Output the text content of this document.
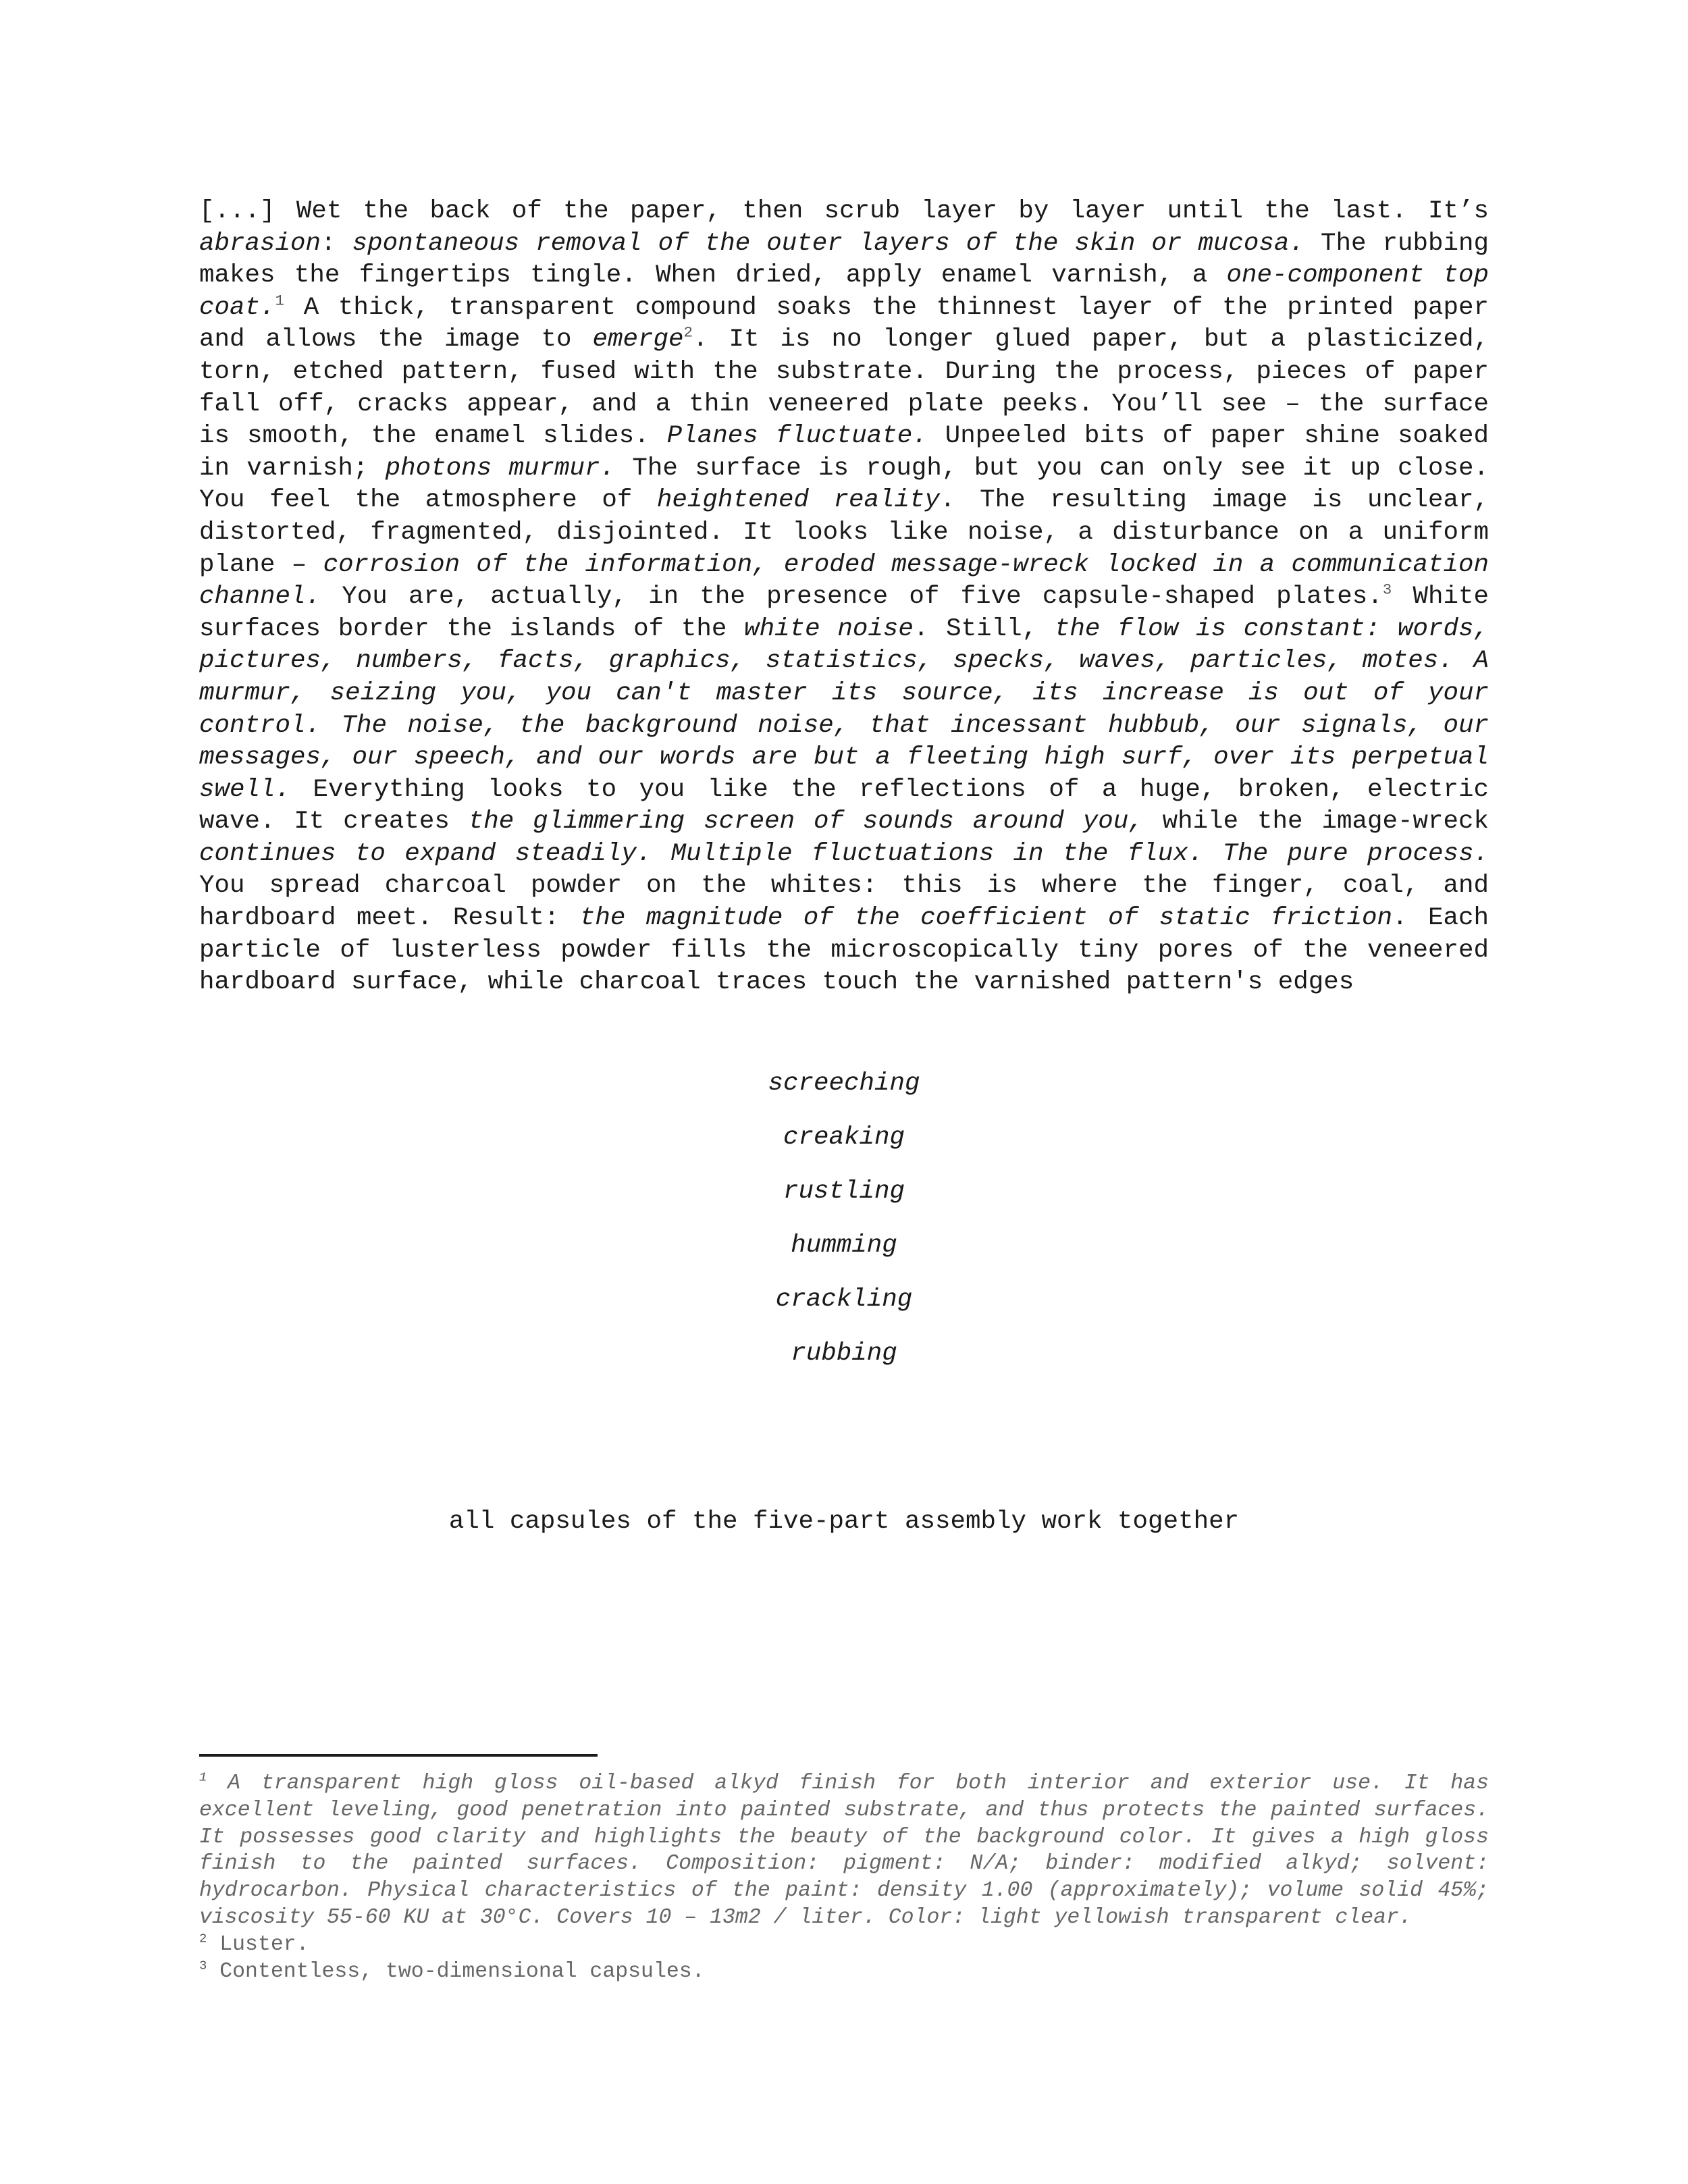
[...] Wet the back of the paper, then scrub layer by layer until the last. It’s abrasion: spontaneous removal of the outer layers of the skin or mucosa. The rubbing makes the fingertips tingle. When dried, apply enamel varnish, a one-component top coat.$^1$ A thick, transparent compound soaks the thinnest layer of the printed paper and allows the image to emerge$^2$. It is no longer glued paper, but a plasticized, torn, etched pattern, fused with the substrate. During the process, pieces of paper fall off, cracks appear, and a thin veneered plate peeks. You’ll see – the surface is smooth, the enamel slides. Planes fluctuate. Unpeeled bits of paper shine soaked in varnish; photons murmur. The surface is rough, but you can only see it up close. You feel the atmosphere of heightened reality. The resulting image is unclear, distorted, fragmented, disjointed. It looks like noise, a disturbance on a uniform plane – corrosion of the information, eroded message-wreck locked in a communication channel. You are, actually, in the presence of five capsule-shaped plates.$^3$ White surfaces border the islands of the white noise. Still, the flow is constant: words, pictures, numbers, facts, graphics, statistics, specks, waves, particles, motes. A murmur, seizing you, you can't master its source, its increase is out of your control. The noise, the background noise, that incessant hubbub, our signals, our messages, our speech, and our words are but a fleeting high surf, over its perpetual swell. Everything looks to you like the reflections of a huge, broken, electric wave. It creates the glimmering screen of sounds around you, while the image-wreck continues to expand steadily. Multiple fluctuations in the flux. The pure process. You spread charcoal powder on the whites: this is where the finger, coal, and hardboard meet. Result: the magnitude of the coefficient of static friction. Each particle of lusterless powder fills the microscopically tiny pores of the veneered hardboard surface, while charcoal traces touch the varnished pattern's edges

screeching
creaking
rustling
humming
crackling
rubbing
all capsules of the five-part assembly work together

$^1$ A transparent high gloss oil-based alkyd finish for both interior and exterior use. It has excellent leveling, good penetration into painted substrate, and thus protects the painted surfaces. It possesses good clarity and highlights the beauty of the background color. It gives a high gloss finish to the painted surfaces. Composition: pigment: N/A; binder: modified alkyd; solvent: hydrocarbon. Physical characteristics of the paint: density 1.00 (approximately); volume solid 45%; viscosity 55-60 KU at 30°C. Covers 10 – 13m2 / liter. Color: light yellowish transparent clear.

$^2$ Luster.

$^3$ Contentless, two-dimensional capsules.
